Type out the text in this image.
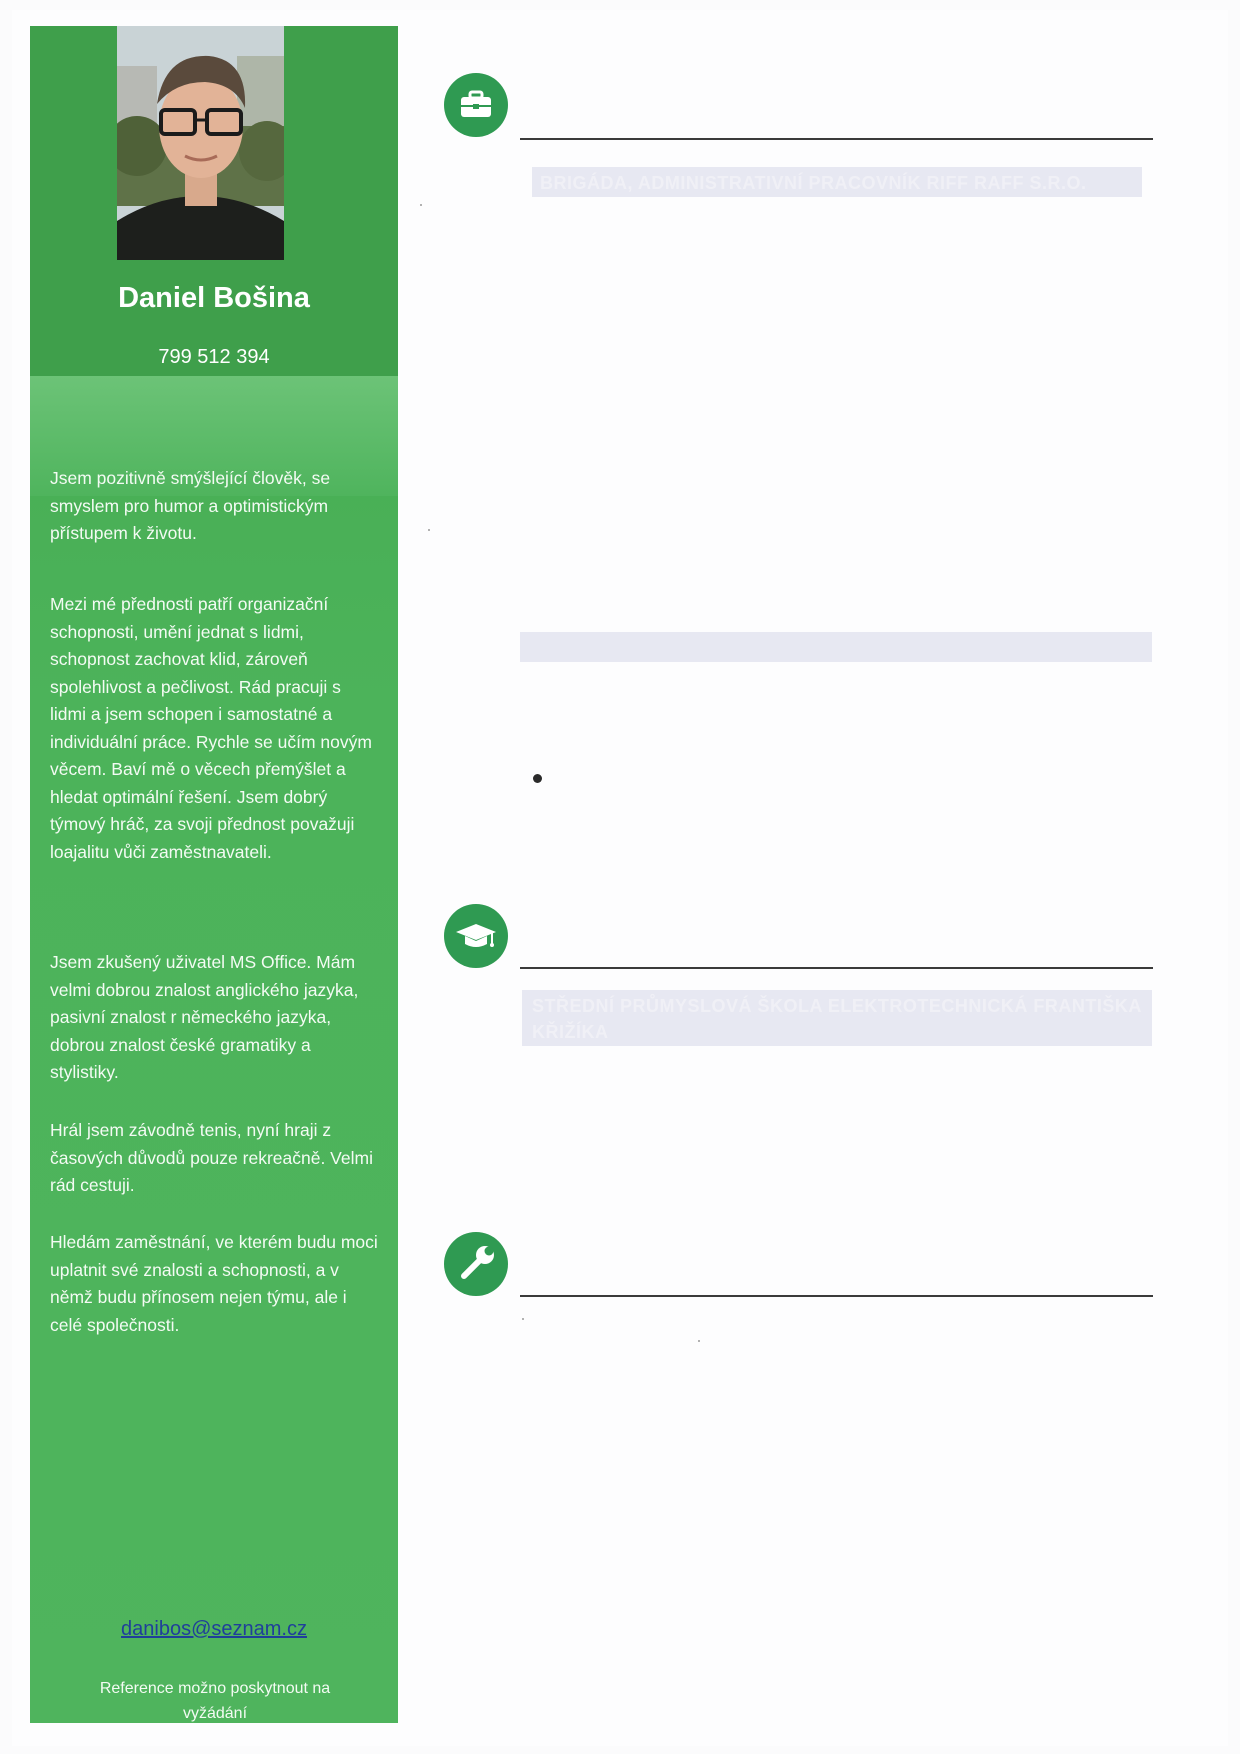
Daniel Bošina
799 512 394
Jsem pozitivně smýšlející člověk, se smyslem pro humor a optimistickým přístupem k životu.
Mezi mé přednosti patří organizační schopnosti, umění jednat s lidmi, schopnost zachovat klid, zároveň spolehlivost a pečlivost. Rád pracuji s lidmi a jsem schopen i samostatné a individuální práce. Rychle se učím novým věcem. Baví mě o věcech přemýšlet a hledat optimální řešení. Jsem dobrý týmový hráč, za svoji přednost považuji loajalitu vůči zaměstnavateli.
Jsem zkušený uživatel MS Office. Mám velmi dobrou znalost anglického jazyka, pasivní znalost r německého jazyka, dobrou znalost české gramatiky a stylistiky.
Hrál jsem závodně tenis, nyní hraji z časových důvodů pouze rekreačně. Velmi rád cestuji.
Hledám zaměstnání, ve kterém budu moci uplatnit své znalosti a schopnosti, a v němž budu přínosem nejen týmu, ale i celé společnosti.
danibos@seznam.cz
Reference možno poskytnout na vyžádání
BRIGÁDA, ADMINISTRATIVNÍ PRACOVNÍK RIFF RAFF S.R.O.
STŘEDNÍ PRŮMYSLOVÁ ŠKOLA ELEKTROTECHNICKÁ FRANTIŠKA KŘIŽÍKA
